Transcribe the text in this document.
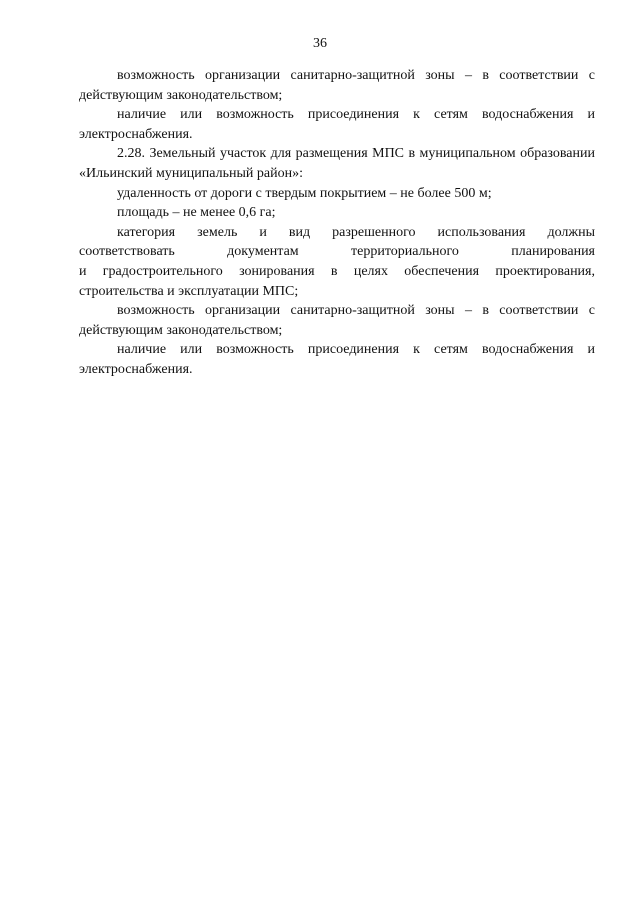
36

возможность организации санитарно-защитной зоны – в соответствии с действующим законодательством;

наличие или возможность присоединения к сетям водоснабжения и электроснабжения.

2.28. Земельный участок для размещения МПС в муниципальном образовании «Ильинский муниципальный район»:

удаленность от дороги с твердым покрытием – не более 500 м;

площадь – не менее 0,6 га;

категория земель и вид разрешенного использования должны

соответствовать документам территориального планирования

и градостроительного зонирования в целях обеспечения проектирования, строительства и эксплуатации МПС;

возможность организации санитарно-защитной зоны – в соответствии с действующим законодательством;

наличие или возможность присоединения к сетям водоснабжения и электроснабжения.
